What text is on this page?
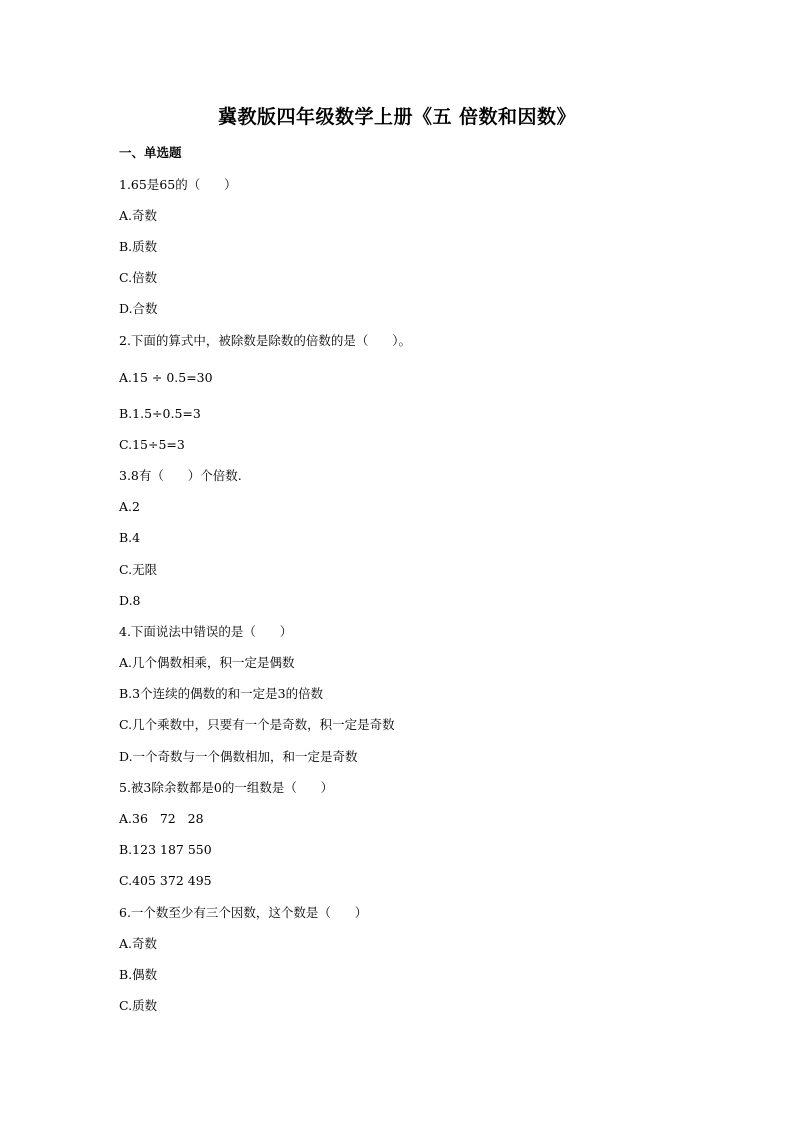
冀教版四年级数学上册《五 倍数和因数》
一、单选题
1.65是65的（      ）
A.奇数
B.质数
C.倍数
D.合数
2.下面的算式中，被除数是除数的倍数的是（      ）。
A.15 ÷ 0.5=30
B.1.5÷0.5=3
C.15÷5=3
3.8有（      ）个倍数.
A.2
B.4
C.无限
D.8
4.下面说法中错误的是（      ）
A.几个偶数相乘，积一定是偶数
B.3个连续的偶数的和一定是3的倍数
C.几个乘数中，只要有一个是奇数，积一定是奇数
D.一个奇数与一个偶数相加，和一定是奇数
5.被3除余数都是0的一组数是（      ）
A.36   72   28
B.123 187 550
C.405 372 495
6.一个数至少有三个因数，这个数是（      ）
A.奇数
B.偶数
C.质数
